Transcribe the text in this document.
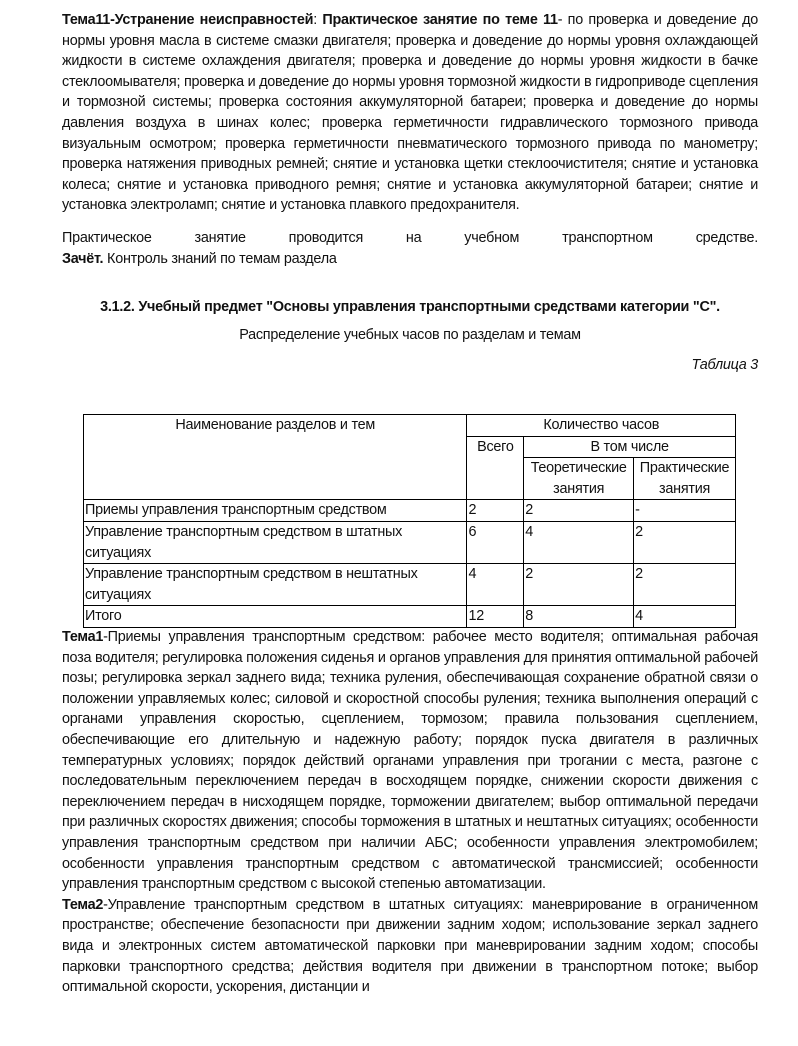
Тема11-Устранение неисправностей: Практическое занятие по теме 11- по проверка и доведение до нормы уровня масла в системе смазки двигателя; проверка и доведение до нормы уровня охлаждающей жидкости в системе охлаждения двигателя; проверка и доведение до нормы уровня жидкости в бачке стеклоомывателя; проверка и доведение до нормы уровня тормозной жидкости в гидроприводе сцепления и тормозной системы; проверка состояния аккумуляторной батареи; проверка и доведение до нормы давления воздуха в шинах колес; проверка герметичности гидравлического тормозного привода визуальным осмотром; проверка герметичности пневматического тормозного привода по манометру; проверка натяжения приводных ремней; снятие и установка щетки стеклоочистителя; снятие и установка колеса; снятие и установка приводного ремня; снятие и установка аккумуляторной батареи; снятие и установка электроламп; снятие и установка плавкого предохранителя.

Практическое занятие проводится на учебном транспортном средстве.

Зачёт. Контроль знаний по темам раздела

3.1.2. Учебный предмет "Основы управления транспортными средствами категории "С".
Распределение учебных часов по разделам и темам
Таблица 3
Наименование разделов и тем	Количество часов		
	Всего	В том числе	
		Теоретические занятия	Практические занятия
Приемы управления транспортным средством	2	2	-
Управление транспортным средством в штатных ситуациях	6	4	2
Управление транспортным средством в нештатных ситуациях	4	2	2
Итого	12	8	4

Тема1-Приемы управления транспортным средством: рабочее место водителя; оптимальная рабочая поза водителя; регулировка положения сиденья и органов управления для принятия оптимальной рабочей позы; регулировка зеркал заднего вида; техника руления, обеспечивающая сохранение обратной связи о положении управляемых колес; силовой и скоростной способы руления; техника выполнения операций с органами управления скоростью, сцеплением, тормозом; правила пользования сцеплением, обеспечивающие его длительную и надежную работу; порядок пуска двигателя в различных температурных условиях; порядок действий органами управления при трогании с места, разгоне с последовательным переключением передач в восходящем порядке, снижении скорости движения с переключением передач в нисходящем порядке, торможении двигателем; выбор оптимальной передачи при различных скоростях движения; способы торможения в штатных и нештатных ситуациях; особенности управления транспортным средством при наличии АБС; особенности управления электромобилем; особенности управления транспортным средством с автоматической трансмиссией; особенности управления транспортным средством с высокой степенью автоматизации.

Тема2-Управление транспортным средством в штатных ситуациях: маневрирование в ограниченном пространстве; обеспечение безопасности при движении задним ходом; использование зеркал заднего вида и электронных систем автоматической парковки при маневрировании задним ходом; способы парковки транспортного средства; действия водителя при движении в транспортном потоке; выбор оптимальной скорости, ускорения, дистанции и
